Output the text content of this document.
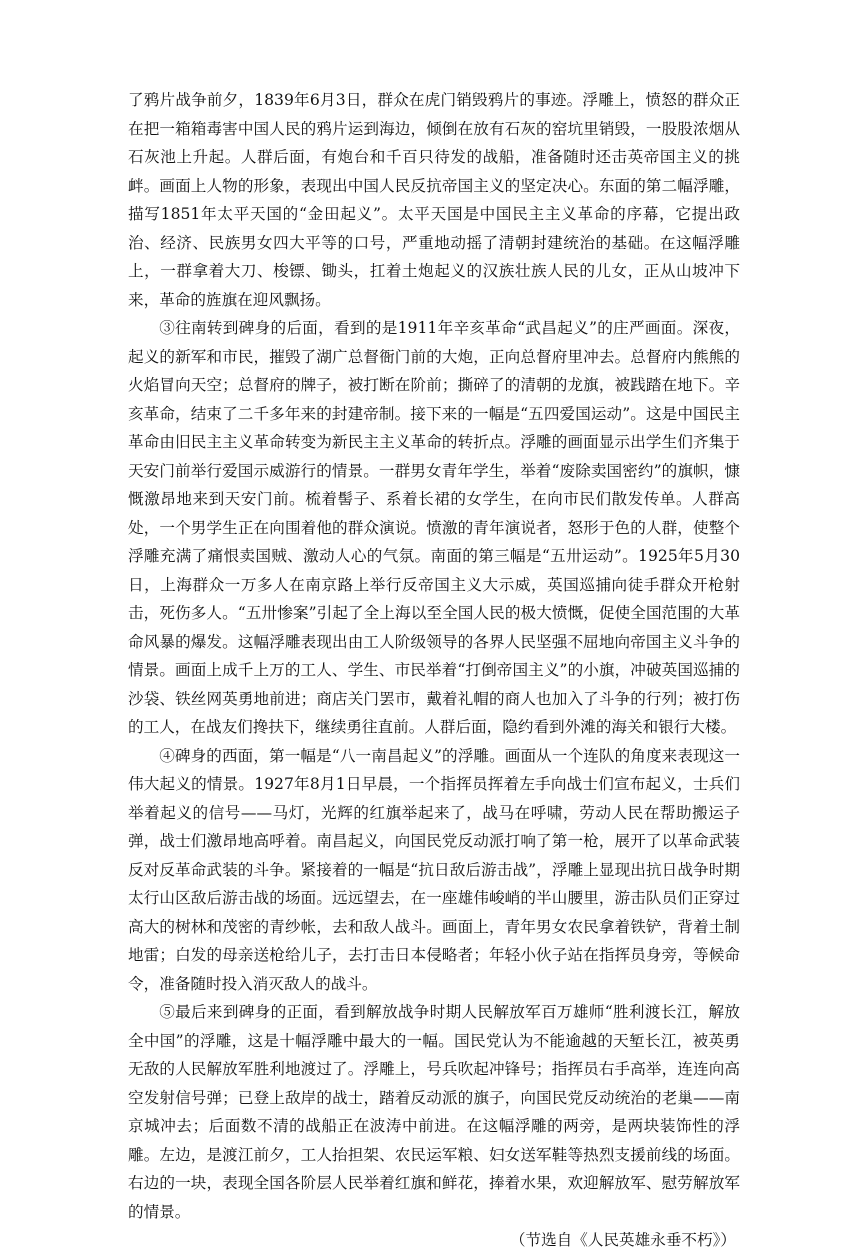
了鸦片战争前夕，1839年6月3日，群众在虎门销毁鸦片的事迹。浮雕上，愤怒的群众正在把一箱箱毒害中国人民的鸦片运到海边，倾倒在放有石灰的窑坑里销毁，一股股浓烟从石灰池上升起。人群后面，有炮台和千百只待发的战船，准备随时还击英帝国主义的挑衅。画面上人物的形象，表现出中国人民反抗帝国主义的坚定决心。东面的第二幅浮雕，描写1851年太平天国的“金田起义”。太平天国是中国民主主义革命的序幕，它提出政治、经济、民族男女四大平等的口号，严重地动摇了清朝封建统治的基础。在这幅浮雕上，一群拿着大刀、梭镖、锄头，扛着土炮起义的汉族壮族人民的儿女，正从山坡冲下来，革命的旌旗在迎风飘扬。

③往南转到碑身的后面，看到的是1911年辛亥革命“武昌起义”的庄严画面。深夜，起义的新军和市民，摧毁了湖广总督衙门前的大炮，正向总督府里冲去。总督府内熊熊的火焰冒向天空；总督府的牌子，被打断在阶前；撕碎了的清朝的龙旗，被践踏在地下。辛亥革命，结束了二千多年来的封建帝制。接下来的一幅是“五四爱国运动”。这是中国民主革命由旧民主主义革命转变为新民主主义革命的转折点。浮雕的画面显示出学生们齐集于天安门前举行爱国示威游行的情景。一群男女青年学生，举着“废除卖国密约”的旗帜，慷慨激昂地来到天安门前。梳着髻子、系着长裙的女学生，在向市民们散发传单。人群高处，一个男学生正在向围着他的群众演说。愤激的青年演说者，怒形于色的人群，使整个浮雕充满了痛恨卖国贼、激动人心的气氛。南面的第三幅是“五卅运动”。1925年5月30日，上海群众一万多人在南京路上举行反帝国主义大示威，英国巡捕向徒手群众开枪射击，死伤多人。“五卅惨案”引起了全上海以至全国人民的极大愤慨，促使全国范围的大革命风暴的爆发。这幅浮雕表现出由工人阶级领导的各界人民坚强不屈地向帝国主义斗争的情景。画面上成千上万的工人、学生、市民举着“打倒帝国主义”的小旗，冲破英国巡捕的沙袋、铁丝网英勇地前进；商店关门罢市，戴着礼帽的商人也加入了斗争的行列；被打伤的工人，在战友们搀扶下，继续勇往直前。人群后面，隐约看到外滩的海关和银行大楼。

④碑身的西面，第一幅是“八一南昌起义”的浮雕。画面从一个连队的角度来表现这一伟大起义的情景。1927年8月1日早晨，一个指挥员挥着左手向战士们宣布起义，士兵们举着起义的信号——马灯，光辉的红旗举起来了，战马在呼啸，劳动人民在帮助搬运子弹，战士们激昂地高呼着。南昌起义，向国民党反动派打响了第一枪，展开了以革命武装反对反革命武装的斗争。紧接着的一幅是“抗日敌后游击战”，浮雕上显现出抗日战争时期太行山区敌后游击战的场面。远远望去，在一座雄伟峻峭的半山腰里，游击队员们正穿过高大的树林和茂密的青纱帐，去和敌人战斗。画面上，青年男女农民拿着铁铲，背着土制地雷；白发的母亲送枪给儿子，去打击日本侵略者；年轻小伙子站在指挥员身旁，等候命令，准备随时投入消灭敌人的战斗。

⑤最后来到碑身的正面，看到解放战争时期人民解放军百万雄师“胜利渡长江，解放全中国”的浮雕，这是十幅浮雕中最大的一幅。国民党认为不能逾越的天堑长江，被英勇无敌的人民解放军胜利地渡过了。浮雕上，号兵吹起冲锋号；指挥员右手高举，连连向高空发射信号弹；已登上敌岸的战士，踏着反动派的旗子，向国民党反动统治的老巢——南京城冲去；后面数不清的战船正在波涛中前进。在这幅浮雕的两旁，是两块装饰性的浮雕。左边，是渡江前夕，工人抬担架、农民运军粮、妇女送军鞋等热烈支援前线的场面。右边的一块，表现全国各阶层人民举着红旗和鲜花，捧着水果，欢迎解放军、慰劳解放军的情景。

（节选自《人民英雄永垂不朽》）
